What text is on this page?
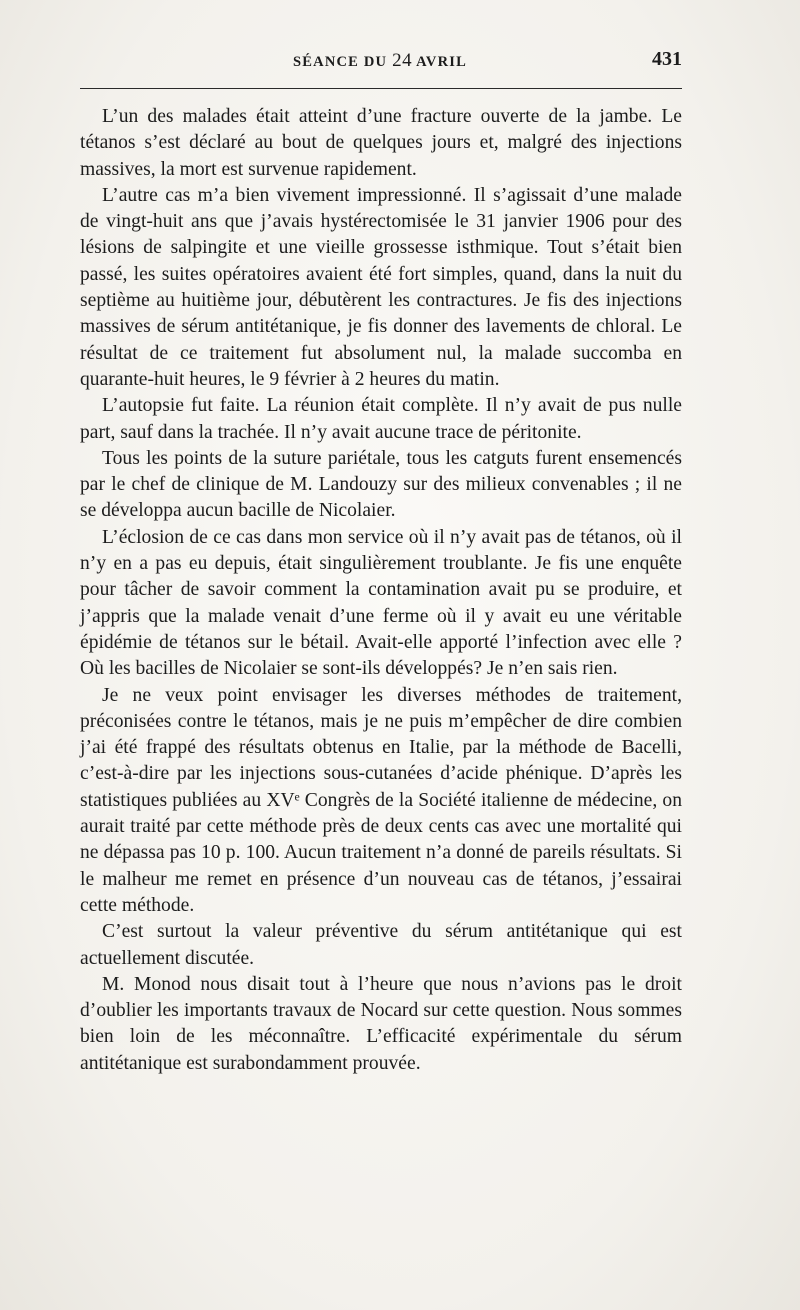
SÉANCE DU 24 AVRIL	431

L’un des malades était atteint d’une fracture ouverte de la jambe. Le tétanos s’est déclaré au bout de quelques jours et, malgré des injections massives, la mort est survenue rapidement.

L’autre cas m’a bien vivement impressionné. Il s’agissait d’une malade de vingt-huit ans que j’avais hystérectomisée le 31 janvier 1906 pour des lésions de salpingite et une vieille grossesse isthmique. Tout s’était bien passé, les suites opératoires avaient été fort simples, quand, dans la nuit du septième au huitième jour, débutèrent les contractures. Je fis des injections massives de sérum antitétanique, je fis donner des lavements de chloral. Le résultat de ce traitement fut absolument nul, la malade succomba en quarante-huit heures, le 9 février à 2 heures du matin.

L’autopsie fut faite. La réunion était complète. Il n’y avait de pus nulle part, sauf dans la trachée. Il n’y avait aucune trace de péritonite.

Tous les points de la suture pariétale, tous les catguts furent ensemencés par le chef de clinique de M. Landouzy sur des milieux convenables ; il ne se développa aucun bacille de Nicolaier.

L’éclosion de ce cas dans mon service où il n’y avait pas de tétanos, où il n’y en a pas eu depuis, était singulièrement troublante. Je fis une enquête pour tâcher de savoir comment la contamination avait pu se produire, et j’appris que la malade venait d’une ferme où il y avait eu une véritable épidémie de tétanos sur le bétail. Avait-elle apporté l’infection avec elle ? Où les bacilles de Nicolaier se sont-ils développés? Je n’en sais rien.

Je ne veux point envisager les diverses méthodes de traitement, préconisées contre le tétanos, mais je ne puis m’empêcher de dire combien j’ai été frappé des résultats obtenus en Italie, par la méthode de Bacelli, c’est-à-dire par les injections sous-cutanées d’acide phénique. D’après les statistiques publiées au XVᵉ Congrès de la Société italienne de médecine, on aurait traité par cette méthode près de deux cents cas avec une mortalité qui ne dépassa pas 10 p. 100. Aucun traitement n’a donné de pareils résultats. Si le malheur me remet en présence d’un nouveau cas de tétanos, j’essairai cette méthode.

C’est surtout la valeur préventive du sérum antitétanique qui est actuellement discutée.

M. Monod nous disait tout à l’heure que nous n’avions pas le droit d’oublier les importants travaux de Nocard sur cette question. Nous sommes bien loin de les méconnaître. L’efficacité expérimentale du sérum antitétanique est surabondamment prouvée.
